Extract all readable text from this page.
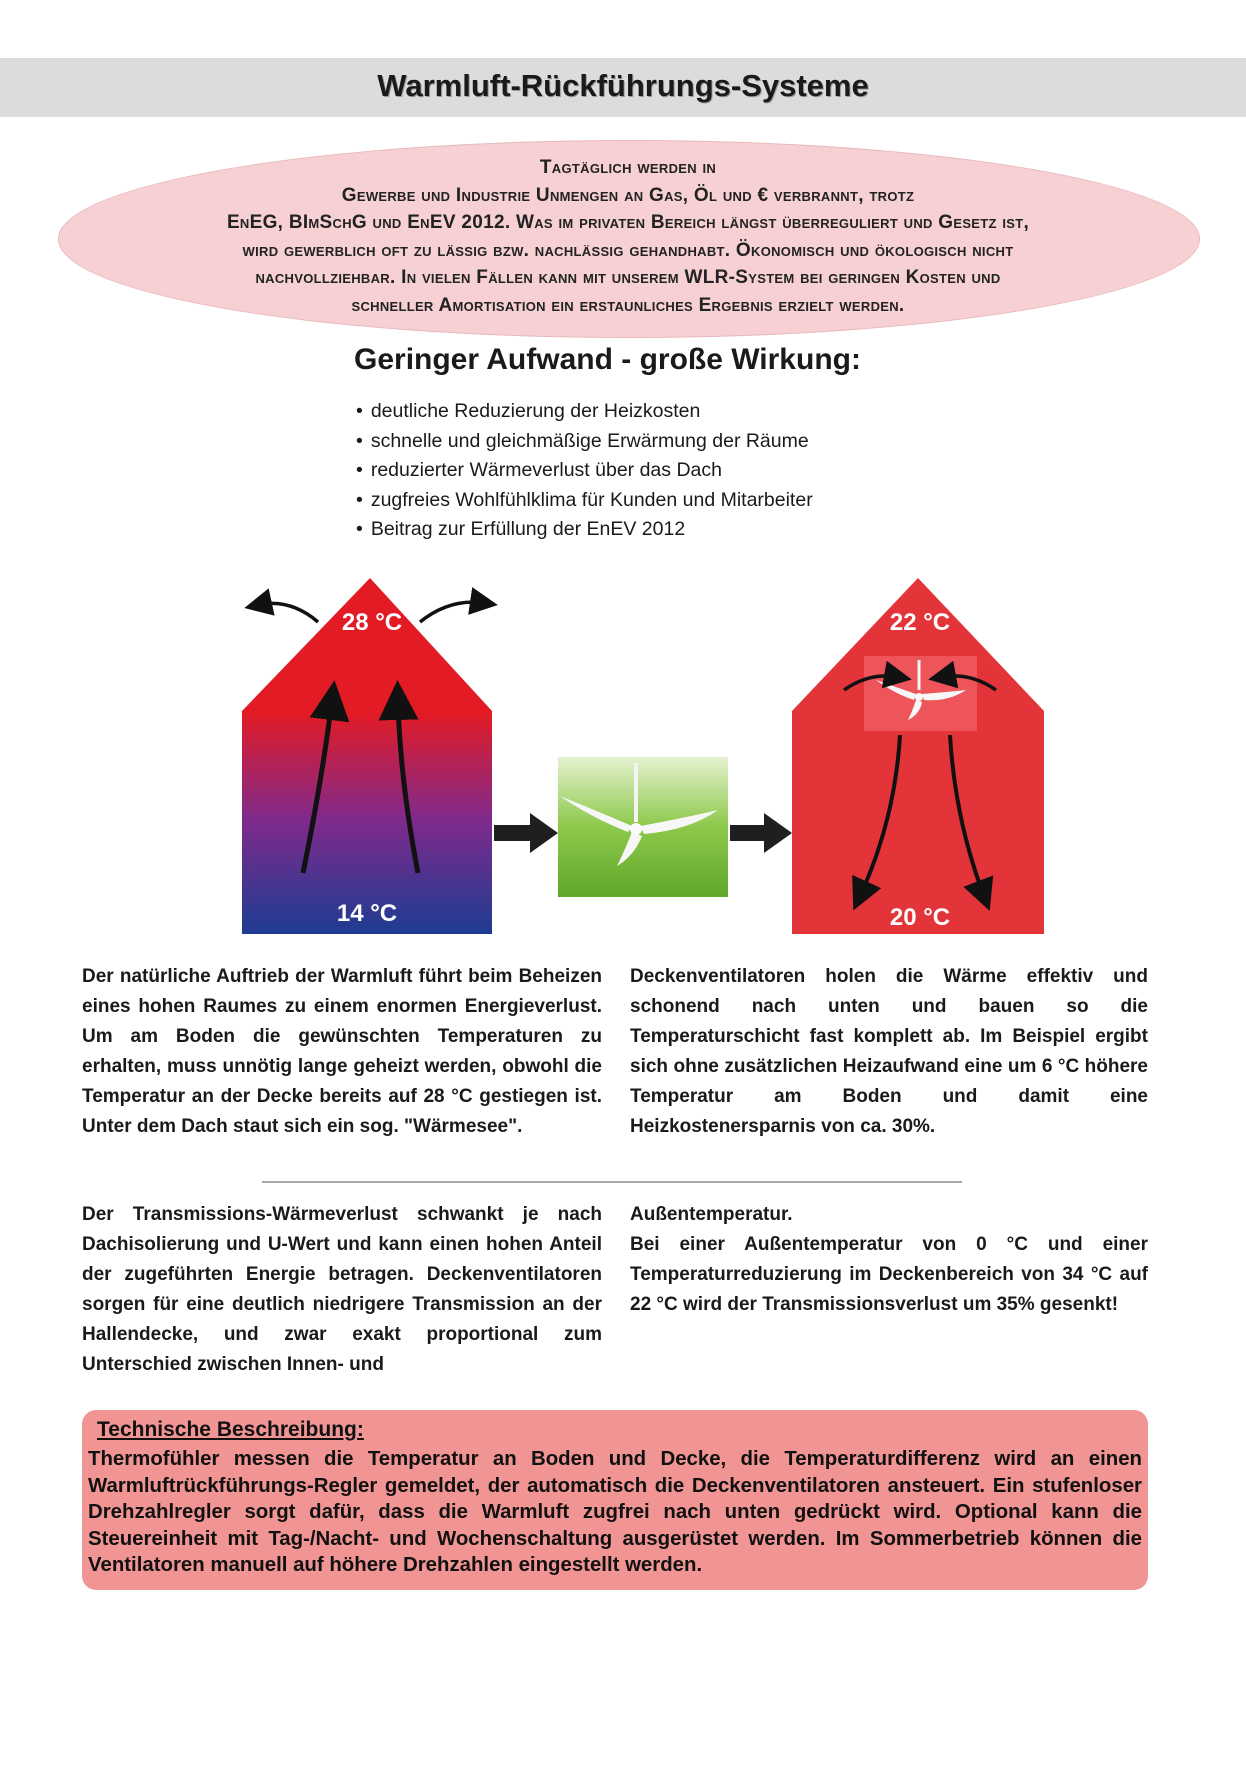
Warmluft-Rückführungs-Systeme
Tagtäglich werden in
Gewerbe und Industrie Unmengen an Gas, Öl und € verbrannt, trotz
EnEG, BImSchG und EnEV 2012. Was im privaten Bereich längst überreguliert und Gesetz ist,
wird gewerblich oft zu lässig bzw. nachlässig gehandhabt. Ökonomisch und ökologisch nicht
nachvollziehbar. In vielen Fällen kann mit unserem WLR-System bei geringen Kosten und
schneller Amortisation ein erstaunliches Ergebnis erzielt werden.
Geringer Aufwand - große Wirkung:
• deutliche Reduzierung der Heizkosten
• schnelle und gleichmäßige Erwärmung der Räume
• reduzierter Wärmeverlust über das Dach
• zugfreies Wohlfühlklima für Kunden und Mitarbeiter
• Beitrag zur Erfüllung der EnEV 2012
28 °C
14 °C
22 °C
20 °C
Der natürliche Auftrieb der Warmluft führt beim Beheizen eines hohen Raumes zu einem enormen Energieverlust. Um am Boden die gewünschten Temperaturen zu erhalten, muss unnötig lange geheizt werden, obwohl die Temperatur an der Decke bereits auf 28 °C gestiegen ist. Unter dem Dach staut sich ein sog. "Wärmesee".
Deckenventilatoren holen die Wärme effektiv und schonend nach unten und bauen so die Temperaturschicht fast komplett ab. Im Beispiel ergibt sich ohne zusätzlichen Heizaufwand eine um 6 °C höhere Temperatur am Boden und damit eine Heizkostenersparnis von ca. 30%.
Der Transmissions-Wärmeverlust schwankt je nach Dachisolierung und U-Wert und kann einen hohen Anteil der zugeführten Energie betragen. Deckenventilatoren sorgen für eine deutlich niedrigere Transmission an der Hallendecke, und zwar exakt proportional zum Unterschied zwischen Innen- und
Außentemperatur.
Bei einer Außentemperatur von 0 °C und einer Temperaturreduzierung im Deckenbereich von 34 °C auf 22 °C wird der Transmissionsverlust um 35% gesenkt!
Technische Beschreibung:
Thermofühler messen die Temperatur an Boden und Decke, die Temperaturdifferenz wird an einen Warmluftrückführungs-Regler gemeldet, der automatisch die Deckenventilatoren ansteuert. Ein stufenloser Drehzahlregler sorgt dafür, dass die Warmluft zugfrei nach unten gedrückt wird. Optional kann die Steuereinheit mit Tag-/Nacht- und Wochenschaltung ausgerüstet werden. Im Sommerbetrieb können die Ventilatoren manuell auf höhere Drehzahlen eingestellt werden.
